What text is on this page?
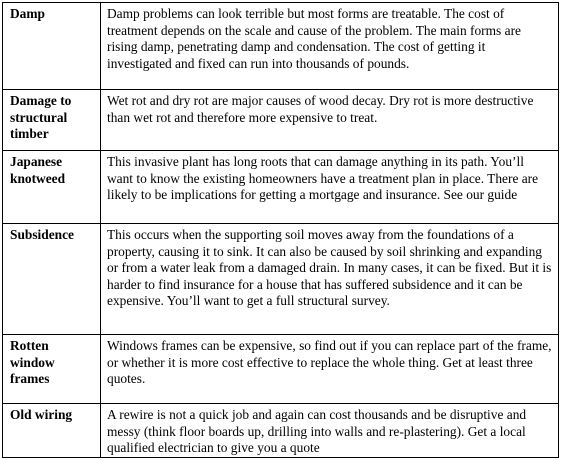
Damp	Damp problems can look terrible but most forms are treatable. The cost of treatment depends on the scale and cause of the problem. The main forms are rising damp, penetrating damp and condensation. The cost of getting it investigated and fixed can run into thousands of pounds.

Damage to structural timber	Wet rot and dry rot are major causes of wood decay. Dry rot is more destructive than wet rot and therefore more expensive to treat.

Japanese knotweed	This invasive plant has long roots that can damage anything in its path. You’ll want to know the existing homeowners have a treatment plan in place. There are likely to be implications for getting a mortgage and insurance. See our guide

Subsidence	This occurs when the supporting soil moves away from the foundations of a property, causing it to sink. It can also be caused by soil shrinking and expanding or from a water leak from a damaged drain. In many cases, it can be fixed. But it is harder to find insurance for a house that has suffered subsidence and it can be expensive. You’ll want to get a full structural survey.

Rotten window frames	Windows frames can be expensive, so find out if you can replace part of the frame, or whether it is more cost effective to replace the whole thing. Get at least three quotes.

Old wiring	A rewire is not a quick job and again can cost thousands and be disruptive and messy (think floor boards up, drilling into walls and re-plastering). Get a local qualified electrician to give you a quote
